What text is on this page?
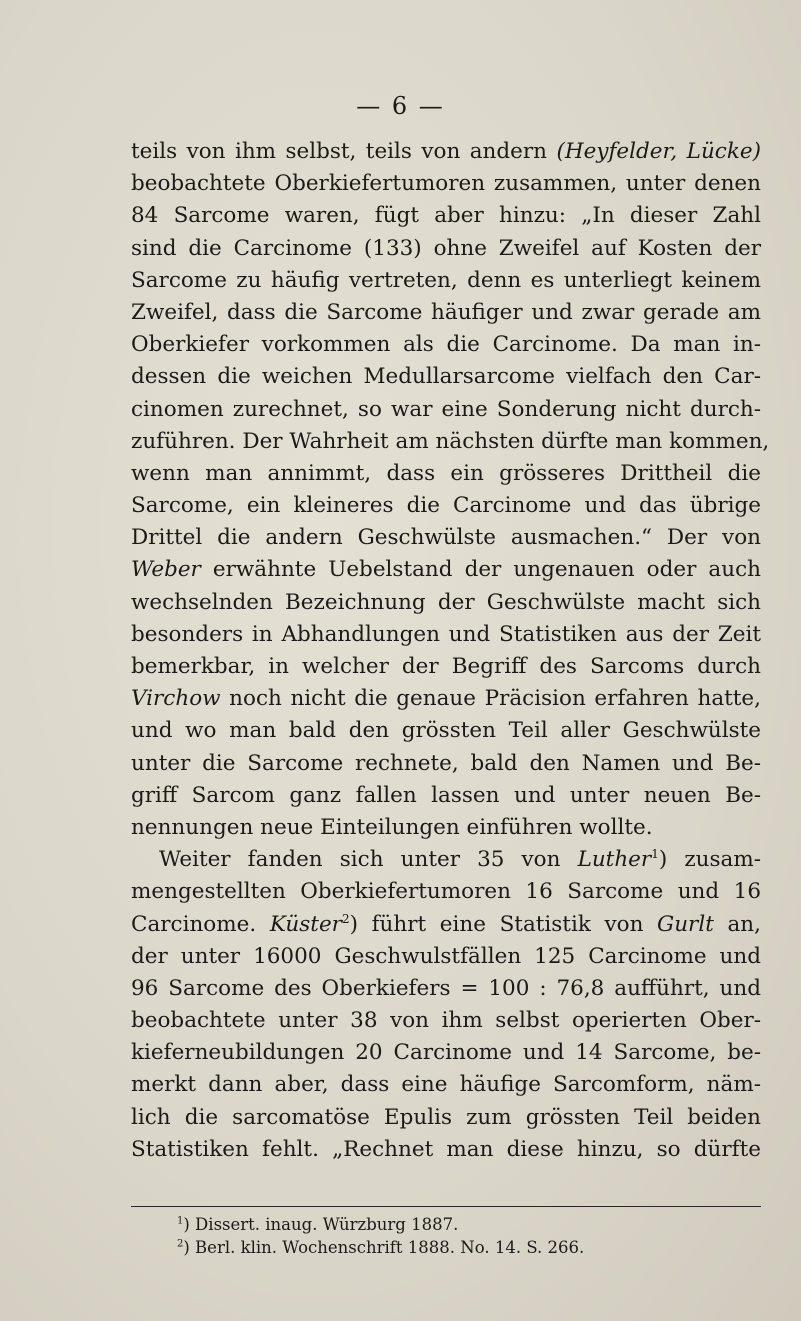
— 6 —
teils von ihm selbst, teils von andern (Heyfelder, Lücke)
beobachtete Oberkiefertumoren zusammen, unter denen
84 Sarcome waren, fügt aber hinzu: „In dieser Zahl
sind die Carcinome (133) ohne Zweifel auf Kosten der
Sarcome zu häufig vertreten, denn es unterliegt keinem
Zweifel, dass die Sarcome häufiger und zwar gerade am
Oberkiefer vorkommen als die Carcinome. Da man in-
dessen die weichen Medullarsarcome vielfach den Car-
cinomen zurechnet, so war eine Sonderung nicht durch-
zuführen. Der Wahrheit am nächsten dürfte man kommen,
wenn man annimmt, dass ein grösseres Drittheil die
Sarcome, ein kleineres die Carcinome und das übrige
Drittel die andern Geschwülste ausmachen.“ Der von
Weber erwähnte Uebelstand der ungenauen oder auch
wechselnden Bezeichnung der Geschwülste macht sich
besonders in Abhandlungen und Statistiken aus der Zeit
bemerkbar, in welcher der Begriff des Sarcoms durch
Virchow noch nicht die genaue Präcision erfahren hatte,
und wo man bald den grössten Teil aller Geschwülste
unter die Sarcome rechnete, bald den Namen und Be-
griff Sarcom ganz fallen lassen und unter neuen Be-
nennungen neue Einteilungen einführen wollte.
Weiter fanden sich unter 35 von Luther$^1$) zusam-
mengestellten Oberkiefertumoren 16 Sarcome und 16
Carcinome. Küster$^2$) führt eine Statistik von Gurlt an,
der unter 16000 Geschwulstfällen 125 Carcinome und
96 Sarcome des Oberkiefers = 100 : 76,8 aufführt, und
beobachtete unter 38 von ihm selbst operierten Ober-
kieferneubildungen 20 Carcinome und 14 Sarcome, be-
merkt dann aber, dass eine häufige Sarcomform, näm-
lich die sarcomatöse Epulis zum grössten Teil beiden
Statistiken fehlt. „Rechnet man diese hinzu, so dürfte
$^1$) Dissert. inaug. Würzburg 1887.
$^2$) Berl. klin. Wochenschrift 1888. No. 14. S. 266.
